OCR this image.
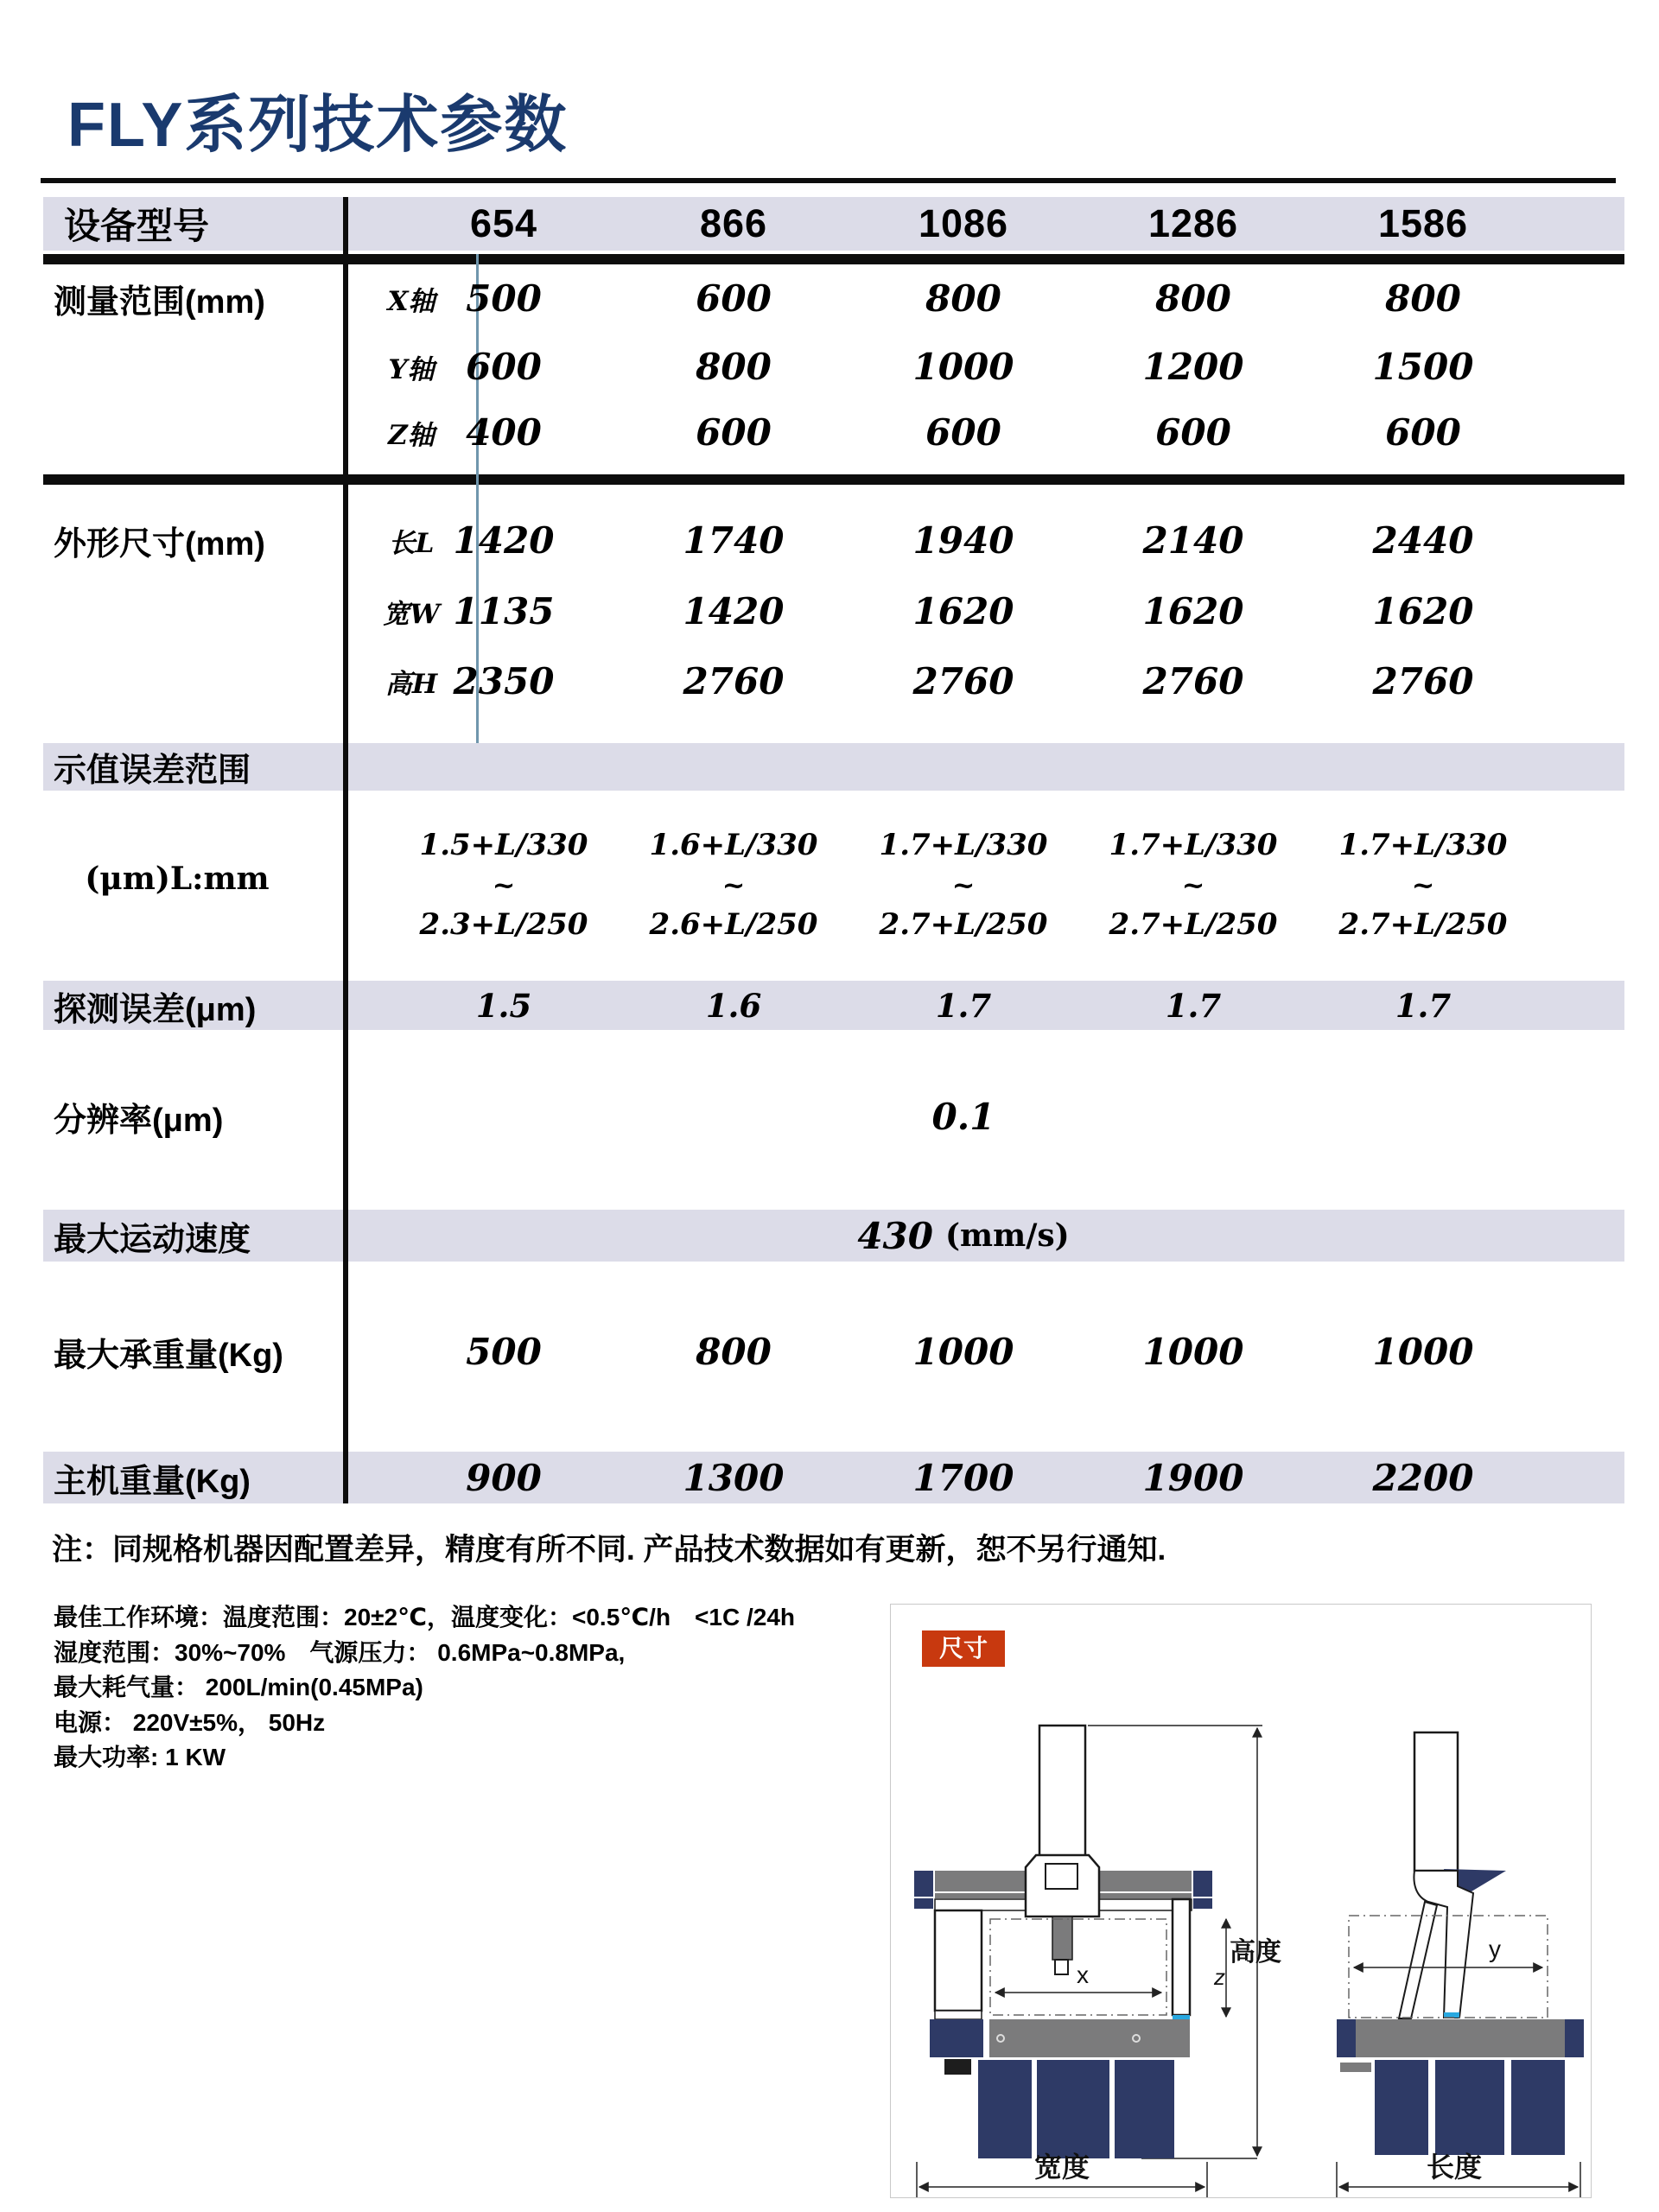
FLY系列技术参数
设备型号	654	866	1086	1286	1586
测量范围(mm)	X轴 500	600	800	800	800
Y轴 600	800	1000	1200	1500
Z轴 400	600	600	600	600
外形尺寸(mm)	长L 1420	1740	1940	2140	2440
宽W 1135	1420	1620	1620	1620
高H 2350	2760	2760	2760	2760
示值误差范围
(μm)L:mm
1.5+L/330	1.6+L/330	1.7+L/330	1.7+L/330	1.7+L/330
~	~	~	~	~
2.3+L/250	2.6+L/250	2.7+L/250	2.7+L/250	2.7+L/250
探测误差(μm)	1.5	1.6	1.7	1.7	1.7
分辨率(μm)	0.1
最大运动速度	430 (mm/s)
最大承重量(Kg)	500	800	1000	1000	1000
主机重量(Kg)	900	1300	1700	1900	2200
注：同规格机器因配置差异，精度有所不同. 产品技术数据如有更新，恕不另行通知.
最佳工作环境：温度范围：20±2℃，温度变化：<0.5℃/h　<1C /24h
湿度范围：30%~70%　气源压力： 0.6MPa~0.8MPa,
最大耗气量： 200L/min(0.45MPa)
电源： 220V±5%， 50Hz
最大功率: 1 KW
尺寸
x
高度
z
宽度
y
长度
